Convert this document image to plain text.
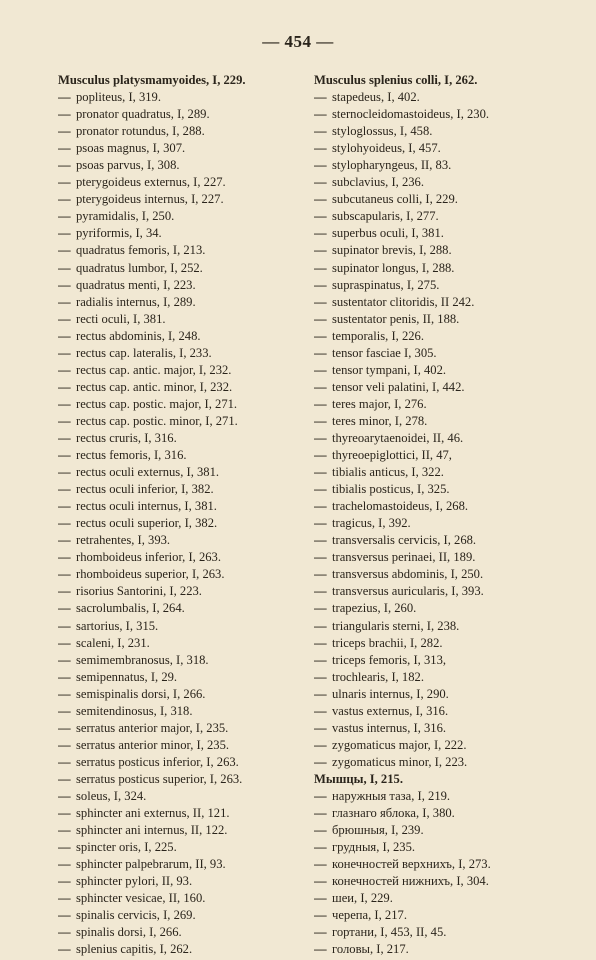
— 454 —
Musculus platysmamyoides, I, 229.
— popliteus, I, 319.
— pronator quadratus, I, 289.
— pronator rotundus, I, 288.
— psoas magnus, I, 307.
— psoas parvus, I, 308.
— pterygoideus externus, I, 227.
— pterygoideus internus, I, 227.
— pyramidalis, I, 250.
— pyriformis, I, 34.
— quadratus femoris, I, 213.
— quadratus lumbor, I, 252.
— quadratus menti, I, 223.
— radialis internus, I, 289.
— recti oculi, I, 381.
— rectus abdominis, I, 248.
— rectus cap. lateralis, I, 233.
— rectus cap. antic. major, I, 232.
— rectus cap. antic. minor, I, 232.
— rectus cap. postic. major, I, 271.
— rectus cap. postic. minor, I, 271.
— rectus cruris, I, 316.
— rectus femoris, I, 316.
— rectus oculi externus, I, 381.
— rectus oculi inferior, I, 382.
— rectus oculi internus, I, 381.
— rectus oculi superior, I, 382.
— retrahentes, I, 393.
— rhomboideus inferior, I, 263.
— rhomboideus superior, I, 263.
— risorius Santorini, I, 223.
— sacrolumbalis, I, 264.
— sartorius, I, 315.
— scaleni, I, 231.
— semimembranosus, I, 318.
— semipennatus, I, 29.
— semispinalis dorsi, I, 266.
— semitendinosus, I, 318.
— serratus anterior major, I, 235.
— serratus anterior minor, I, 235.
— serratus posticus inferior, I, 263.
— serratus posticus superior, I, 263.
— soleus, I, 324.
— sphincter ani externus, II, 121.
— sphincter ani internus, II, 122.
— spincter oris, I, 225.
— sphincter palpebrarum, II, 93.
— sphincter pylori, II, 93.
— sphincter vesicae, II, 160.
— spinalis cervicis, I, 269.
— spinalis dorsi, I, 266.
— splenius capitis, I, 262.
Musculus splenius colli, I, 262.
— stapedeus, I, 402.
— sternocleidomastoideus, I, 230.
— styloglossus, I, 458.
— stylohyoideus, I, 457.
— stylopharyngeus, II, 83.
— subclavius, I, 236.
— subcutaneus colli, I, 229.
— subscapularis, I, 277.
— superbus oculi, I, 381.
— supinator brevis, I, 288.
— supinator longus, I, 288.
— supraspinatus, I, 275.
— sustentator clitoridis, II 242.
— sustentator penis, II, 188.
— temporalis, I, 226.
— tensor fasciae I, 305.
— tensor tympani, I, 402.
— tensor veli palatini, I, 442.
— teres major, I, 276.
— teres minor, I, 278.
— thyreoarytaenoidei, II, 46.
— thyreoepiglottici, II, 47,
— tibialis anticus, I, 322.
— tibialis posticus, I, 325.
— trachelomastoideus, I, 268.
— tragicus, I, 392.
— transversalis cervicis, I, 268.
— transversus perinaei, II, 189.
— transversus abdominis, I, 250.
— transversus auricularis, I, 393.
— trapezius, I, 260.
— triangularis sterni, I, 238.
— triceps brachii, I, 282.
— triceps femoris, I, 313,
— trochlearis, I, 182.
— ulnaris internus, I, 290.
— vastus externus, I, 316.
— vastus internus, I, 316.
— zygomaticus major, I, 222.
— zygomaticus minor, I, 223.
Мышцы, I, 215.
— наружныя таза, I, 219.
— глазнаго яблока, I, 380.
— брюшныя, I, 239.
— грудныя, I, 235.
— конечностей верхнихъ, I, 273.
— конечностей нижнихъ, I, 304.
— шеи, I, 229.
— черепа, I, 217.
— гортани, I, 453, II, 45.
— головы, I, 217.
